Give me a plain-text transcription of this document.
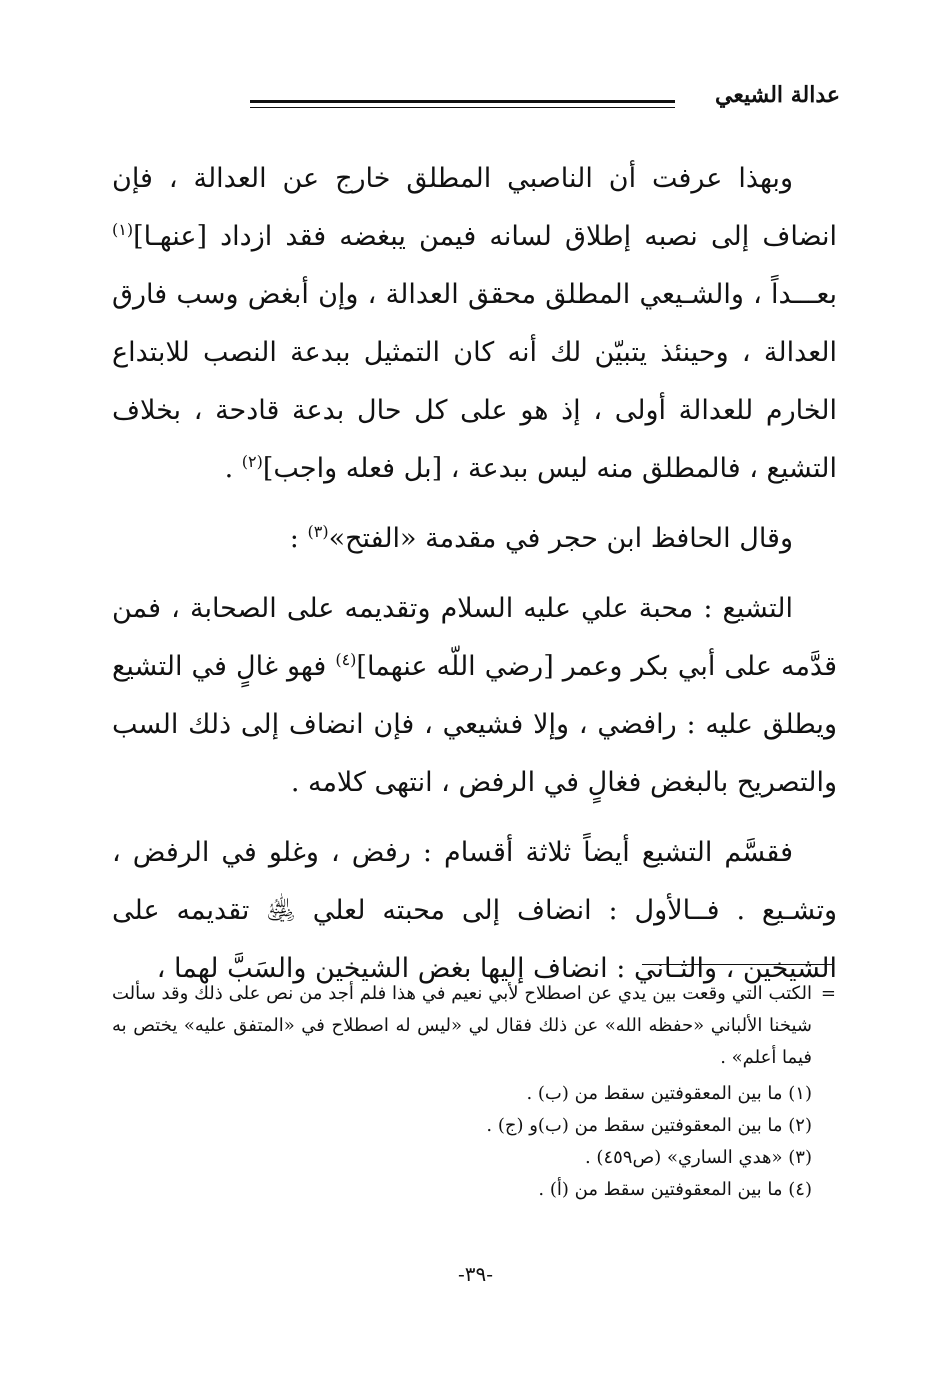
عدالة الشيعي

وبهذا عرفت أن الناصبي المطلق خارج عن العدالة ، فإن انضاف إلى نصبه إطلاق لسانه فيمن يبغضه فقد ازداد [عنهـا]$^{(١)}$ بعـــداً ، والشـيعي المطلق محقق العدالة ، وإن أبغض وسب فارق العدالة ، وحينئذ يتبيّن لك أنه كان التمثيل ببدعة النصب للابتداع الخارم للعدالة أولى ، إذ هو على كل حال بدعة قادحة ، بخلاف التشيع ، فالمطلق منه ليس ببدعة ، [بل فعله واجب]$^{(٢)}$ .

وقال الحافظ ابن حجر في مقدمة «الفتح»$^{(٣)}$ :

التشيع : محبة علي عليه السلام وتقديمه على الصحابة ، فمن قدَّمه على أبي بكر وعمر [رضي اللّه عنهما]$^{(٤)}$ فهو غالٍ في التشيع ويطلق عليه : رافضي ، وإلا فشيعي ، فإن انضاف إلى ذلك السب والتصريح بالبغض فغالٍ في الرفض ، انتهى كلامه .

فقسَّم التشيع أيضاً ثلاثة أقسام : رفض ، وغلو في الرفض ، وتشـيع . فــالأول : انضاف إلى محبته لعلي ﵁ تقديمه على الشيخين ، والثـاني : انضاف إليها بغض الشيخين والسَبَّ لهما ،

=
الكتب التي وقعت بين يدي عن اصطلاح لأبي نعيم في هذا فلم أجد من نص على ذلك وقد سألت شيخنا الألباني «حفظه الله» عن ذلك فقال لي «ليس له اصطلاح في «المتفق عليه» يختص به فيما أعلم» .

(١) ما بين المعقوفتين سقط من (ب) .

(٢) ما بين المعقوفتين سقط من (ب)و (ج) .

(٣) «هدي الساري» (ص٤٥٩) .

(٤) ما بين المعقوفتين سقط من (أ) .

-٣٩-
